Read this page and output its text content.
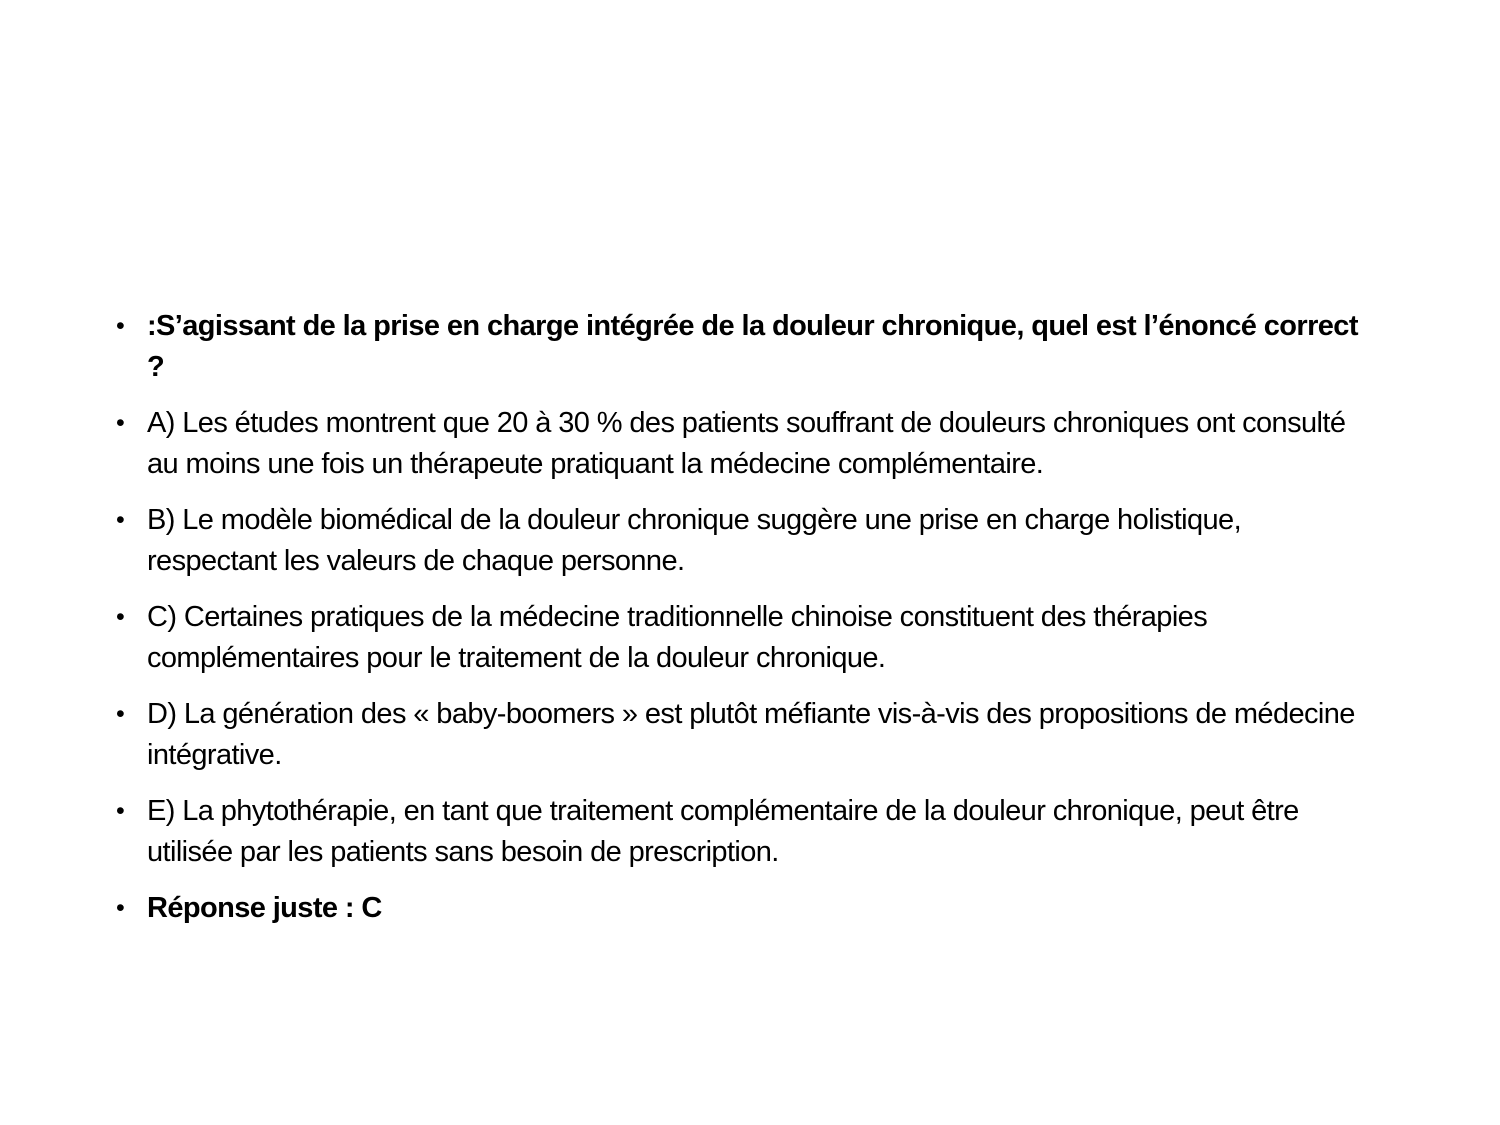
• :S’agissant de la prise en charge intégrée de la douleur chronique, quel est l’énoncé correct ?
• A) Les études montrent que 20 à 30 % des patients souffrant de douleurs chroniques ont consulté au moins une fois un thérapeute pratiquant la médecine complémentaire.
• B) Le modèle biomédical de la douleur chronique suggère une prise en charge holistique, respectant les valeurs de chaque personne.
• C) Certaines pratiques de la médecine traditionnelle chinoise constituent des thérapies complémentaires pour le traitement de la douleur chronique.
• D) La génération des « baby-boomers » est plutôt méfiante vis-à-vis des propositions de médecine intégrative.
• E) La phytothérapie, en tant que traitement complémentaire de la douleur chronique, peut être utilisée par les patients sans besoin de prescription.
• Réponse juste : C
